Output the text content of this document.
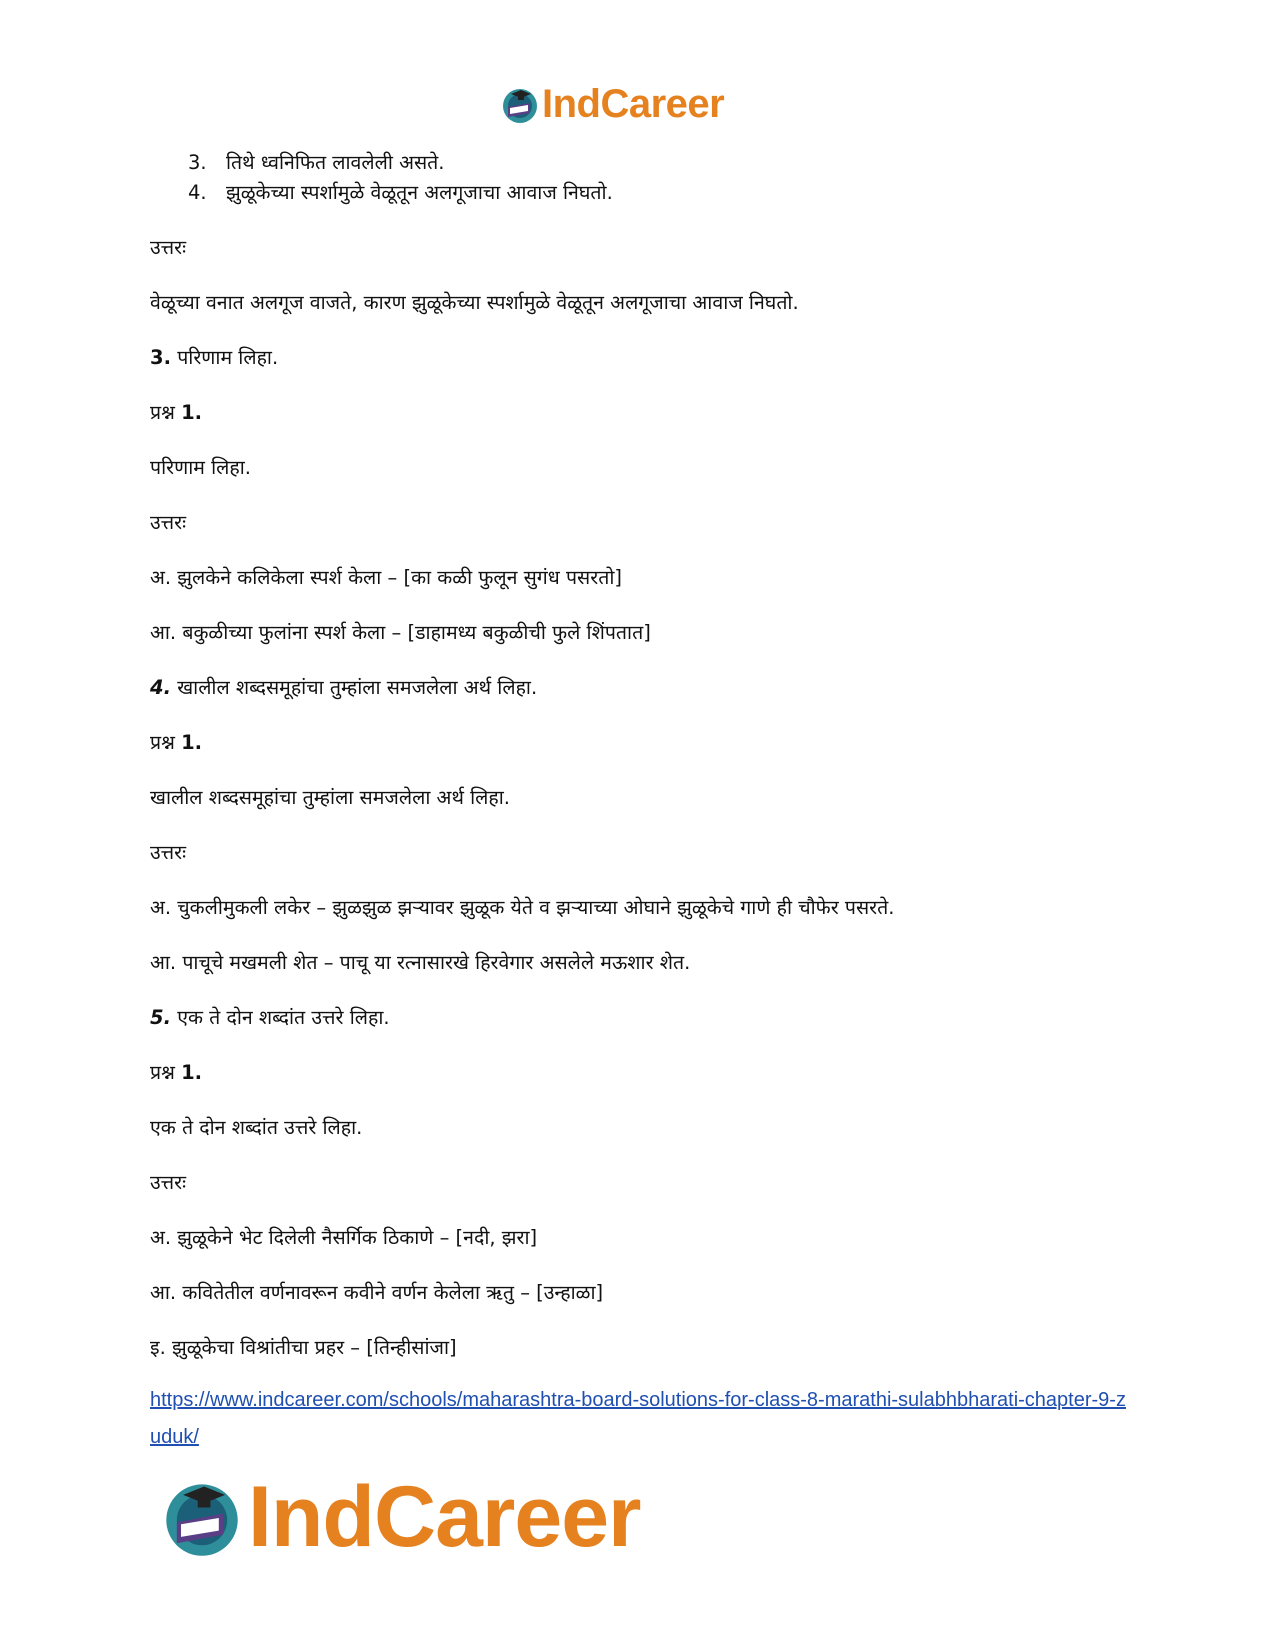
IndCareer
3. तिथे ध्वनिफित लावलेली असते.
4. झुळूकेच्या स्पर्शामुळे वेळूतून अलगूजाचा आवाज निघतो.

उत्तरः

वेळूच्या वनात अलगूज वाजते, कारण झुळूकेच्या स्पर्शामुळे वेळूतून अलगूजाचा आवाज निघतो.

3. परिणाम लिहा.

प्रश्न 1.

परिणाम लिहा.

उत्तरः

अ. झुलकेने कलिकेला स्पर्श केला – [का कळी फुलून सुगंध पसरतो]

आ. बकुळीच्या फुलांना स्पर्श केला – [डाहामध्य बकुळीची फुले शिंपतात]

4. खालील शब्दसमूहांचा तुम्हांला समजलेला अर्थ लिहा.

प्रश्न 1.

खालील शब्दसमूहांचा तुम्हांला समजलेला अर्थ लिहा.

उत्तरः

अ. चुकलीमुकली लकेर – झुळझुळ झऱ्यावर झुळूक येते व झऱ्याच्या ओघाने झुळूकेचे गाणे ही चौफेर पसरते.

आ. पाचूचे मखमली शेत – पाचू या रत्नासारखे हिरवेगार असलेले मऊशार शेत.

5. एक ते दोन शब्दांत उत्तरे लिहा.

प्रश्न 1.

एक ते दोन शब्दांत उत्तरे लिहा.

उत्तरः

अ. झुळूकेने भेट दिलेली नैसर्गिक ठिकाणे – [नदी, झरा]

आ. कवितेतील वर्णनावरून कवीने वर्णन केलेला ऋतु – [उन्हाळा]

इ. झुळूकेचा विश्रांतीचा प्रहर – [तिन्हीसांजा]

https://www.indcareer.com/schools/maharashtra-board-solutions-for-class-8-marathi-sulabhbharati-chapter-9-zuduk/
IndCareer
